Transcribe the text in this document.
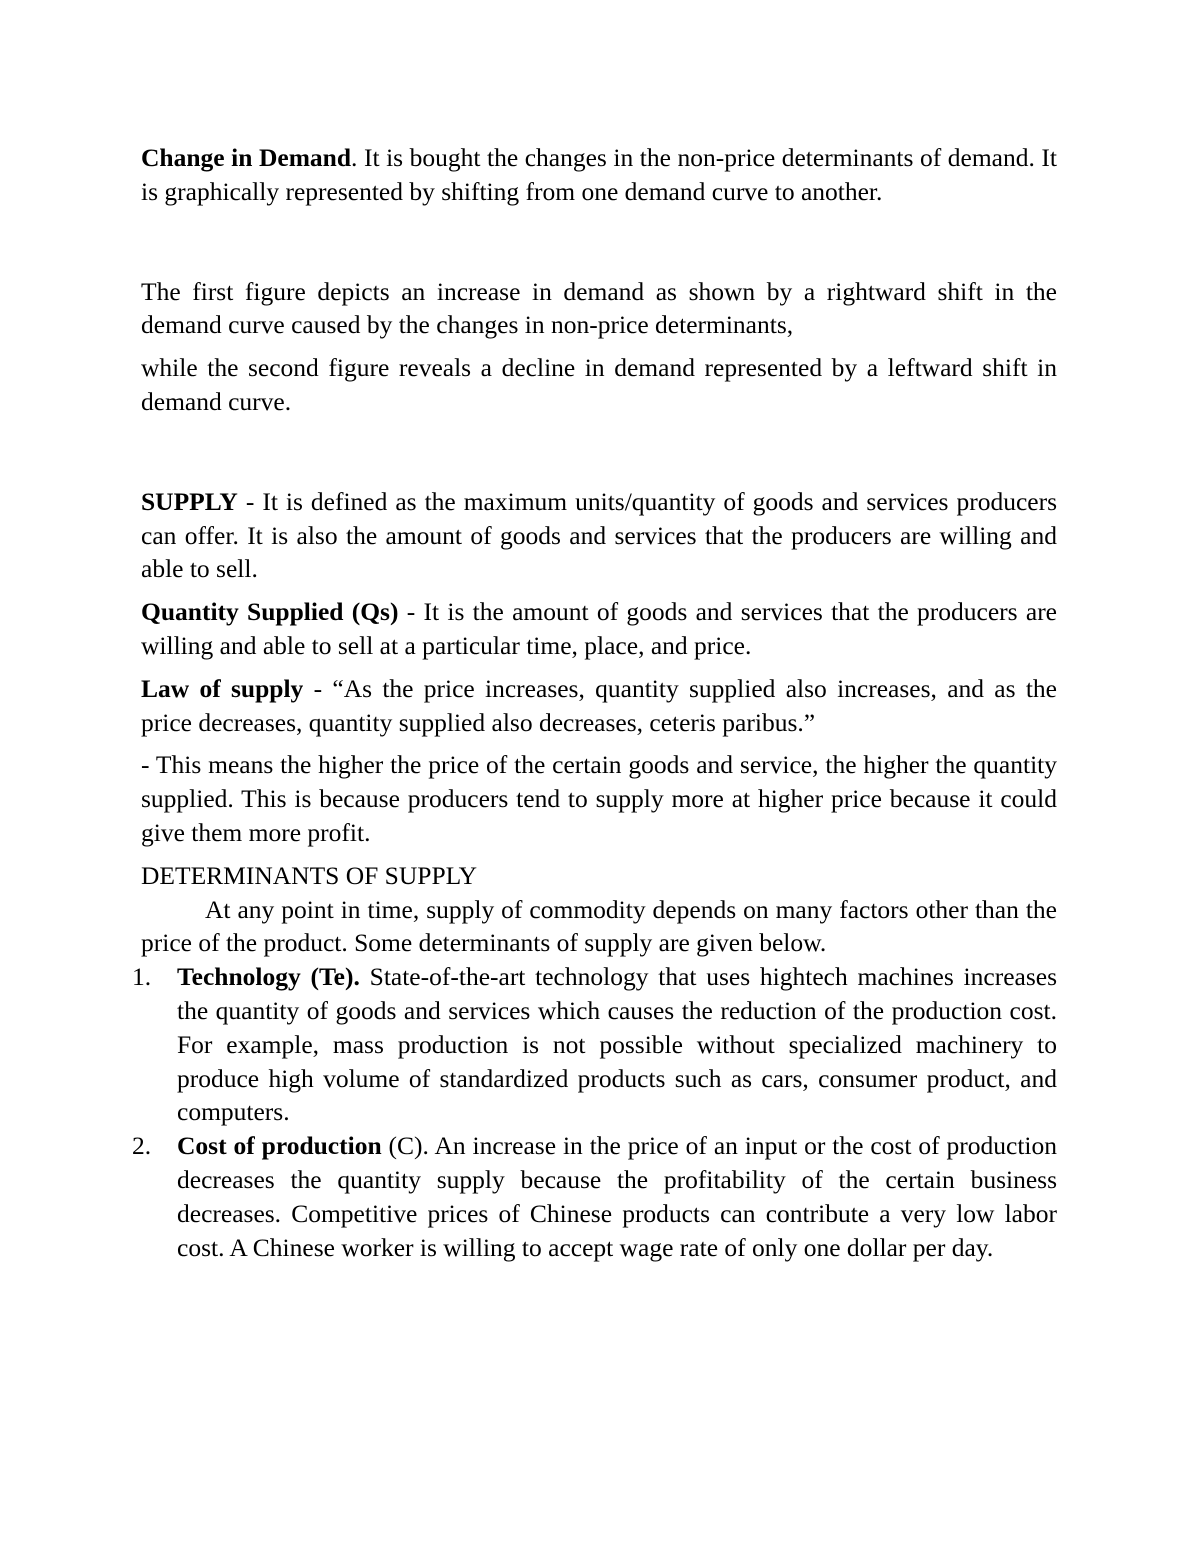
Change in Demand. It is bought the changes in the non-price determinants of demand. It is graphically represented by shifting from one demand curve to another.

The first figure depicts an increase in demand as shown by a rightward shift in the demand curve caused by the changes in non-price determinants,

while the second figure reveals a decline in demand represented by a leftward shift in demand curve.

SUPPLY - It is defined as the maximum units/quantity of goods and services producers can offer. It is also the amount of goods and services that the producers are willing and able to sell.

Quantity Supplied (Qs) - It is the amount of goods and services that the producers are willing and able to sell at a particular time, place, and price.

Law of supply - “As the price increases, quantity supplied also increases, and as the price decreases, quantity supplied also decreases, ceteris paribus.”

- This means the higher the price of the certain goods and service, the higher the quantity supplied. This is because producers tend to supply more at higher price because it could give them more profit.

DETERMINANTS OF SUPPLY

At any point in time, supply of commodity depends on many factors other than the price of the product. Some determinants of supply are given below.

1. Technology (Te). State-of-the-art technology that uses hightech machines increases the quantity of goods and services which causes the reduction of the production cost. For example, mass production is not possible without specialized machinery to produce high volume of standardized products such as cars, consumer product, and computers.
2. Cost of production (C). An increase in the price of an input or the cost of production decreases the quantity supply because the profitability of the certain business decreases. Competitive prices of Chinese products can contribute a very low labor cost. A Chinese worker is willing to accept wage rate of only one dollar per day.
